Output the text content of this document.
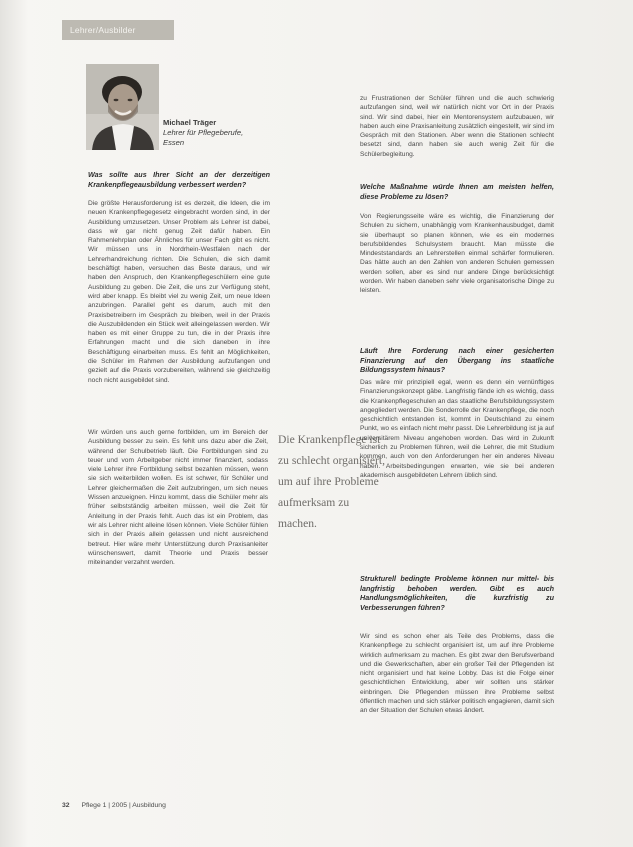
Lehrer/Ausbilder
Michael Träger
Lehrer für Pflegeberufe,
Essen

Was sollte aus Ihrer Sicht an der derzeitigen Krankenpflegeausbildung verbessert werden?

Die größte Herausforderung ist es derzeit, die Ideen, die im neuen Krankenpflegegesetz eingebracht worden sind, in der Ausbildung umzusetzen. Unser Problem als Lehrer ist dabei, dass wir gar nicht genug Zeit dafür haben. Ein Rahmenlehrplan oder Ähnliches für unser Fach gibt es nicht. Wir müssen uns in Nordrhein-Westfalen nach der Lehrerhandreichung richten. Die Schulen, die sich damit beschäftigt haben, versuchen das Beste daraus, und wir haben den Anspruch, den Krankenpflegeschülern eine gute Ausbildung zu geben. Die Zeit, die uns zur Verfügung steht, wird aber knapp. Es bleibt viel zu wenig Zeit, um neue Ideen anzubringen. Parallel geht es darum, auch mit den Praxisbetreibern im Gespräch zu bleiben, weil in der Praxis die Auszubildenden ein Stück weit alleingelassen werden. Wir haben es mit einer Gruppe zu tun, die in der Praxis ihre Erfahrungen macht und die sich daneben in ihre Beschäftigung einarbeiten muss. Es fehlt an Möglichkeiten, die Schüler im Rahmen der Ausbildung aufzufangen und gezielt auf die Praxis vorzubereiten, während sie gleichzeitig noch nicht ausgebildet sind.

Wir würden uns auch gerne fortbilden, um im Bereich der Ausbildung besser zu sein. Es fehlt uns dazu aber die Zeit, während der Schulbetrieb läuft. Die Fortbildungen sind zu teuer und vom Arbeitgeber nicht immer finanziert, sodass viele Lehrer ihre Fortbildung selbst bezahlen müssen, wenn sie sich weiterbilden wollen. Es ist schwer, für Schüler und Lehrer gleichermaßen die Zeit aufzubringen, um sich neues Wissen anzueignen. Hinzu kommt, dass die Schüler mehr als früher selbstständig arbeiten müssen, weil die Zeit für Anleitung in der Praxis fehlt. Auch das ist ein Problem, das wir als Lehrer nicht alleine lösen können. Viele Schüler fühlen sich in der Praxis allein gelassen und nicht ausreichend betreut. Hier wäre mehr Unterstützung durch Praxisanleiter wünschenswert, damit Theorie und Praxis besser miteinander verzahnt werden.

Die Krankenpflege ist zu schlecht organisiert, um auf ihre Probleme aufmerksam zu machen.

zu Frustrationen der Schüler führen und die auch schwierig aufzufangen sind, weil wir natürlich nicht vor Ort in der Praxis sind. Wir sind dabei, hier ein Mentorensystem aufzubauen, wir haben auch eine Praxisanleitung zusätzlich eingestellt, wir sind im Gespräch mit den Stationen. Aber wenn die Stationen schlecht besetzt sind, dann haben sie auch wenig Zeit für die Schülerbegleitung.

Welche Maßnahme würde Ihnen am meisten helfen, diese Probleme zu lösen?

Von Regierungsseite wäre es wichtig, die Finanzierung der Schulen zu sichern, unabhängig vom Krankenhausbudget, damit sie überhaupt so planen können, wie es ein modernes berufsbildendes Schulsystem braucht. Man müsste die Mindeststandards an Lehrerstellen einmal schärfer formulieren. Das hätte auch an den Zahlen von anderen Schulen gemessen werden sollen, aber es sind nur andere Dinge berücksichtigt worden. Wir haben daneben sehr viele organisatorische Dinge zu leisten.

Läuft Ihre Forderung nach einer gesicherten Finanzierung auf den Übergang ins staatliche Bildungssystem hinaus?

Das wäre mir prinzipiell egal, wenn es denn ein vernünftiges Finanzierungskonzept gäbe. Langfristig fände ich es wichtig, dass die Krankenpflegeschulen an das staatliche Berufsbildungssystem angegliedert werden. Die Sonderrolle der Krankenpflege, die noch geschichtlich entstanden ist, kommt in Deutschland zu einem Punkt, wo es einfach nicht mehr passt. Die Lehrerbildung ist ja auf universitärem Niveau angehoben worden. Das wird in Zukunft sicherlich zu Problemen führen, weil die Lehrer, die mit Studium kommen, auch von den Anforderungen her ein anderes Niveau haben. Arbeitsbedingungen erwarten, wie sie bei anderen akademisch ausgebildeten Lehrern üblich sind.

Strukturell bedingte Probleme können nur mittel- bis langfristig behoben werden. Gibt es auch Handlungsmöglichkeiten, die kurzfristig zu Verbesserungen führen?

Wir sind es schon eher als Teile des Problems, dass die Krankenpflege zu schlecht organisiert ist, um auf ihre Probleme wirklich aufmerksam zu machen. Es gibt zwar den Berufsverband und die Gewerkschaften, aber ein großer Teil der Pflegenden ist nicht organisiert und hat keine Lobby. Das ist die Folge einer geschichtlichen Entwicklung, aber wir sollten uns stärker einbringen. Die Pflegenden müssen ihre Probleme selbst öffentlich machen und sich stärker politisch engagieren, damit sich an der Situation der Schulen etwas ändert.

32 Pflege 1 | 2005 | Ausbildung
